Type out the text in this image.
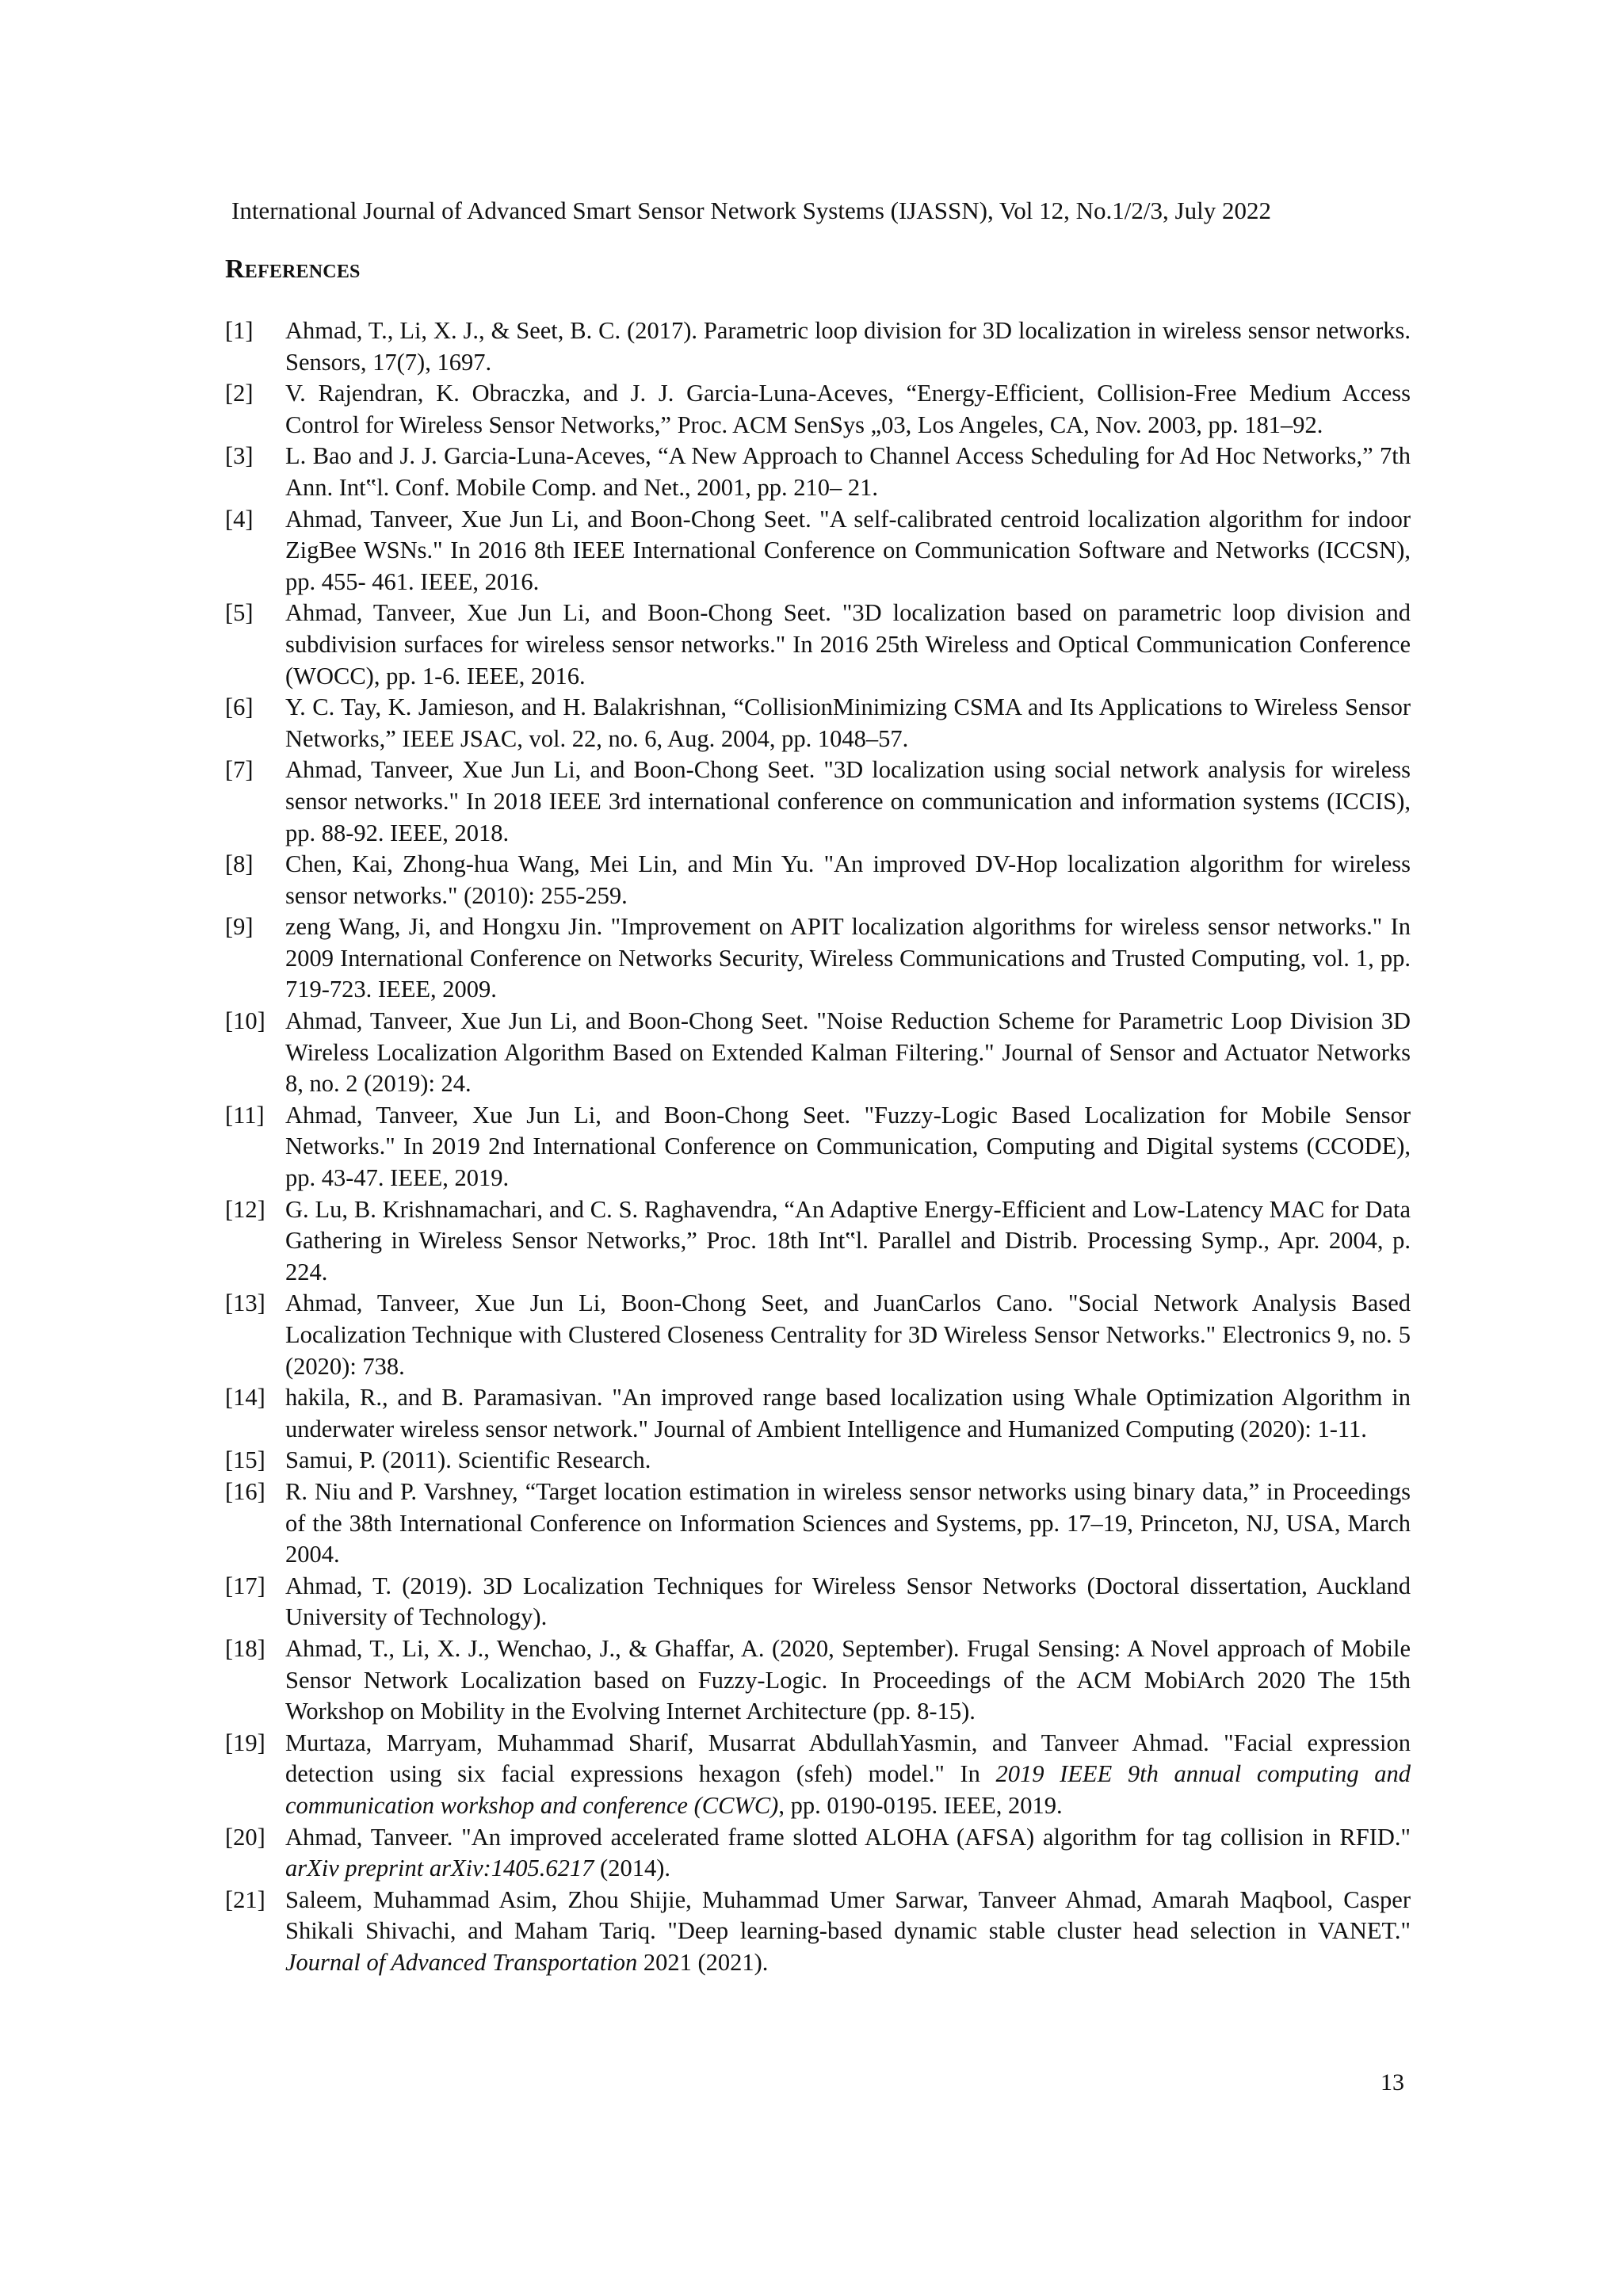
International Journal of Advanced Smart Sensor Network Systems (IJASSN), Vol 12, No.1/2/3, July 2022
References
[1]	Ahmad, T., Li, X. J., & Seet, B. C. (2017). Parametric loop division for 3D localization in wireless sensor networks. Sensors, 17(7), 1697.
[2]	V. Rajendran, K. Obraczka, and J. J. Garcia-Luna-Aceves, “Energy-Efficient, Collision-Free Medium Access Control for Wireless Sensor Networks,” Proc. ACM SenSys „03, Los Angeles, CA, Nov. 2003, pp. 181–92.
[3]	L. Bao and J. J. Garcia-Luna-Aceves, “A New Approach to Channel Access Scheduling for Ad Hoc Networks,” 7th Ann. Int‟l. Conf. Mobile Comp. and Net., 2001, pp. 210– 21.
[4]	Ahmad, Tanveer, Xue Jun Li, and Boon-Chong Seet. "A self-calibrated centroid localization algorithm for indoor ZigBee WSNs." In 2016 8th IEEE International Conference on Communication Software and Networks (ICCSN), pp. 455- 461. IEEE, 2016.
[5]	Ahmad, Tanveer, Xue Jun Li, and Boon-Chong Seet. "3D localization based on parametric loop division and subdivision surfaces for wireless sensor networks." In 2016 25th Wireless and Optical Communication Conference (WOCC), pp. 1-6. IEEE, 2016.
[6]	Y. C. Tay, K. Jamieson, and H. Balakrishnan, “CollisionMinimizing CSMA and Its Applications to Wireless Sensor Networks,” IEEE JSAC, vol. 22, no. 6, Aug. 2004, pp. 1048–57.
[7]	Ahmad, Tanveer, Xue Jun Li, and Boon-Chong Seet. "3D localization using social network analysis for wireless sensor networks." In 2018 IEEE 3rd international conference on communication and information systems (ICCIS), pp. 88-92. IEEE, 2018.
[8]	Chen, Kai, Zhong-hua Wang, Mei Lin, and Min Yu. "An improved DV-Hop localization algorithm for wireless sensor networks." (2010): 255-259.
[9]	zeng Wang, Ji, and Hongxu Jin. "Improvement on APIT localization algorithms for wireless sensor networks." In 2009 International Conference on Networks Security, Wireless Communications and Trusted Computing, vol. 1, pp. 719-723. IEEE, 2009.
[10] Ahmad, Tanveer, Xue Jun Li, and Boon-Chong Seet. "Noise Reduction Scheme for Parametric Loop Division 3D Wireless Localization Algorithm Based on Extended Kalman Filtering." Journal of Sensor and Actuator Networks 8, no. 2 (2019): 24.
[11] Ahmad, Tanveer, Xue Jun Li, and Boon-Chong Seet. "Fuzzy-Logic Based Localization for Mobile Sensor Networks." In 2019 2nd International Conference on Communication, Computing and Digital systems (CCODE), pp. 43-47. IEEE, 2019.
[12] G. Lu, B. Krishnamachari, and C. S. Raghavendra, “An Adaptive Energy-Efficient and Low-Latency MAC for Data Gathering in Wireless Sensor Networks,” Proc. 18th Int‟l. Parallel and Distrib. Processing Symp., Apr. 2004, p. 224.
[13] Ahmad, Tanveer, Xue Jun Li, Boon-Chong Seet, and JuanCarlos Cano. "Social Network Analysis Based Localization Technique with Clustered Closeness Centrality for 3D Wireless Sensor Networks." Electronics 9, no. 5 (2020): 738.
[14] hakila, R., and B. Paramasivan. "An improved range based localization using Whale Optimization Algorithm in underwater wireless sensor network." Journal of Ambient Intelligence and Humanized Computing (2020): 1-11.
[15] Samui, P. (2011). Scientific Research.
[16] R. Niu and P. Varshney, “Target location estimation in wireless sensor networks using binary data,” in Proceedings of the 38th International Conference on Information Sciences and Systems, pp. 17–19, Princeton, NJ, USA, March 2004.
[17] Ahmad, T. (2019). 3D Localization Techniques for Wireless Sensor Networks (Doctoral dissertation, Auckland University of Technology).
[18] Ahmad, T., Li, X. J., Wenchao, J., & Ghaffar, A. (2020, September). Frugal Sensing: A Novel approach of Mobile Sensor Network Localization based on Fuzzy-Logic. In Proceedings of the ACM MobiArch 2020 The 15th Workshop on Mobility in the Evolving Internet Architecture (pp. 8-15).
[19] Murtaza, Marryam, Muhammad Sharif, Musarrat AbdullahYasmin, and Tanveer Ahmad. "Facial expression detection using six facial expressions hexagon (sfeh) model." In 2019 IEEE 9th annual computing and communication workshop and conference (CCWC), pp. 0190-0195. IEEE, 2019.
[20] Ahmad, Tanveer. "An improved accelerated frame slotted ALOHA (AFSA) algorithm for tag collision in RFID." arXiv preprint arXiv:1405.6217 (2014).
[21] Saleem, Muhammad Asim, Zhou Shijie, Muhammad Umer Sarwar, Tanveer Ahmad, Amarah Maqbool, Casper Shikali Shivachi, and Maham Tariq. "Deep learning-based dynamic stable cluster head selection in VANET." Journal of Advanced Transportation 2021 (2021).
13
